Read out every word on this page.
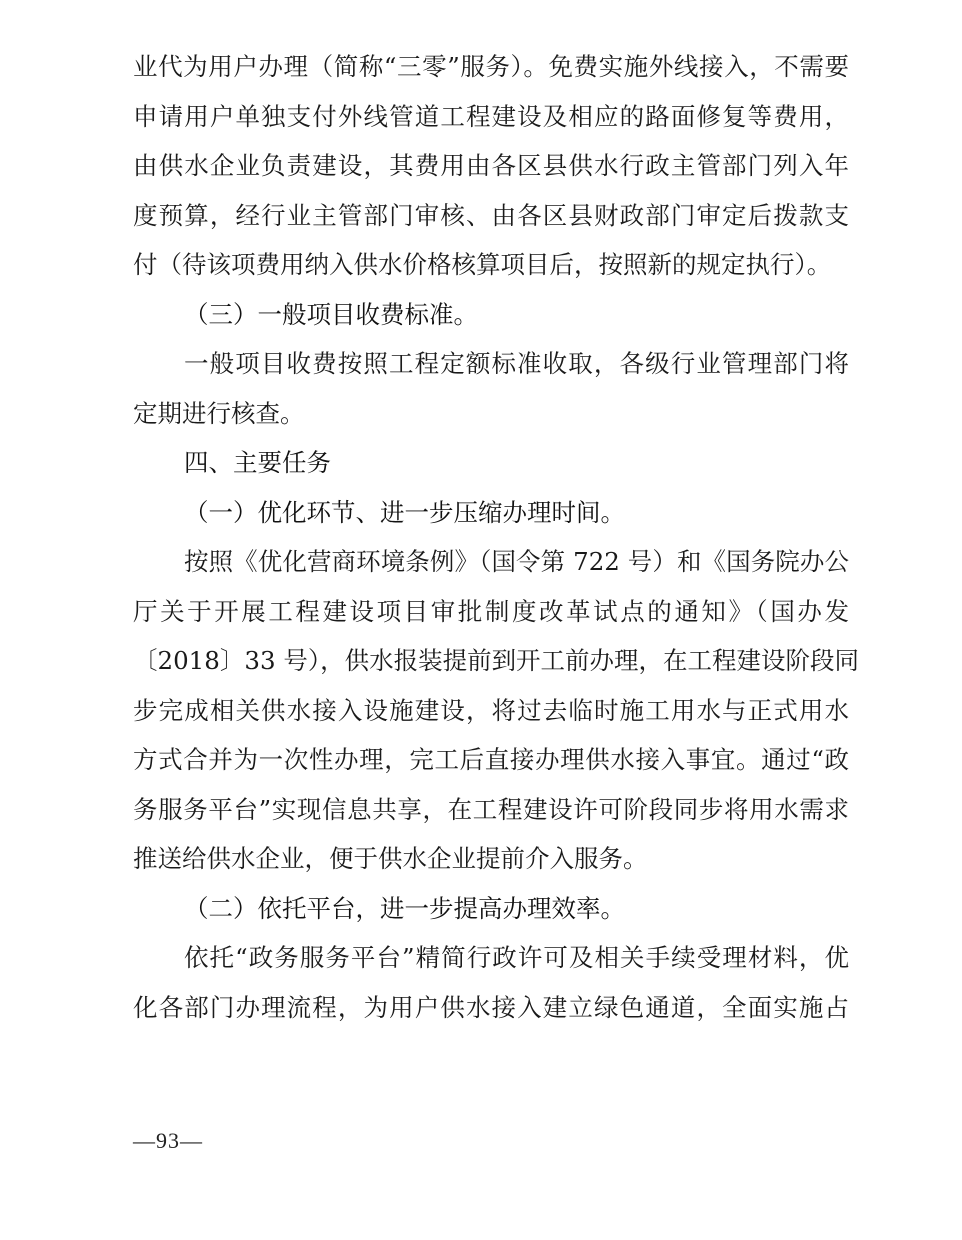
业代为用户办理（简称“三零”服务）。免费实施外线接入，不需要
申请用户单独支付外线管道工程建设及相应的路面修复等费用，
由供水企业负责建设，其费用由各区县供水行政主管部门列入年
度预算，经行业主管部门审核、由各区县财政部门审定后拨款支
付（待该项费用纳入供水价格核算项目后，按照新的规定执行）。
（三）一般项目收费标准。
一般项目收费按照工程定额标准收取，各级行业管理部门将
定期进行核查。
四、主要任务
（一）优化环节、进一步压缩办理时间。
按照《优化营商环境条例》（国令第 722 号）和《国务院办公
厅关于开展工程建设项目审批制度改革试点的通知》（国办发
〔2018〕33 号），供水报装提前到开工前办理，在工程建设阶段同
步完成相关供水接入设施建设，将过去临时施工用水与正式用水
方式合并为一次性办理，完工后直接办理供水接入事宜。通过“政
务服务平台”实现信息共享，在工程建设许可阶段同步将用水需求
推送给供水企业，便于供水企业提前介入服务。
（二）依托平台，进一步提高办理效率。
依托“政务服务平台”精简行政许可及相关手续受理材料，优
化各部门办理流程，为用户供水接入建立绿色通道，全面实施占
—93—
